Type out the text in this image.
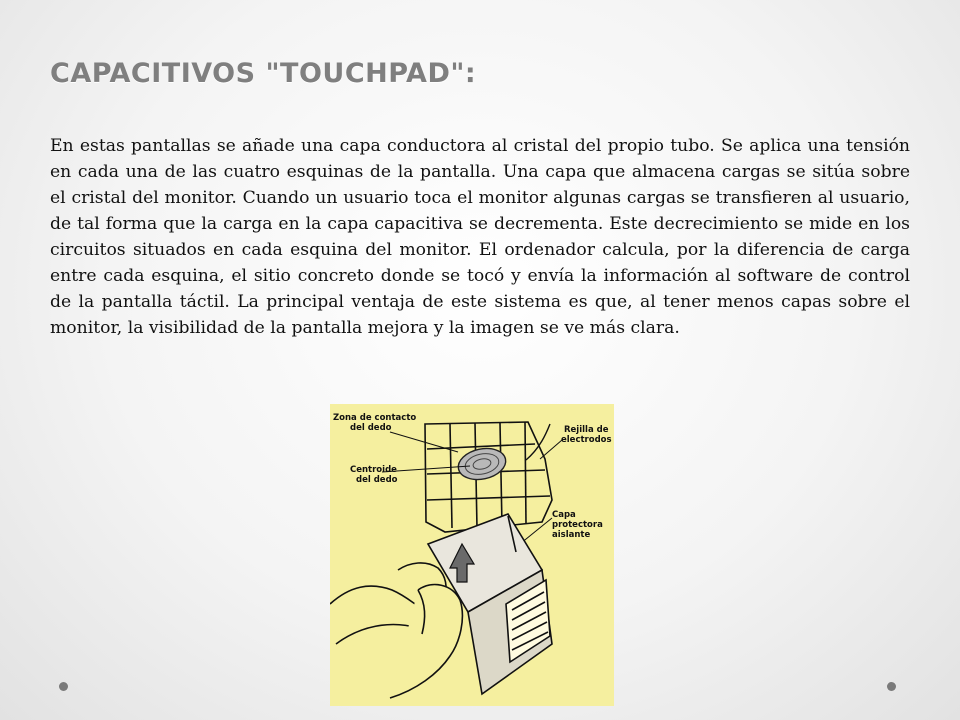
CAPACITIVOS "TOUCHPAD":

En estas pantallas se añade una capa conductora al cristal del propio tubo. Se aplica una tensión en cada una de las cuatro esquinas de la pantalla. Una capa que almacena cargas se sitúa sobre el cristal del monitor. Cuando un usuario toca el monitor algunas cargas se transfieren al usuario, de tal forma que la carga en la capa capacitiva se decrementa. Este decrecimiento se mide en los circuitos situados en cada esquina del monitor. El ordenador calcula, por la diferencia de carga entre cada esquina, el sitio concreto donde se tocó y envía la información al software de control de la pantalla táctil. La principal ventaja de este sistema es que, al tener menos capas sobre el monitor, la visibilidad de la pantalla mejora y la imagen se ve más clara.

Zona de contacto
del dedo
Centroide
del dedo
Rejilla de
electrodos
Capa
protectora
aislante
